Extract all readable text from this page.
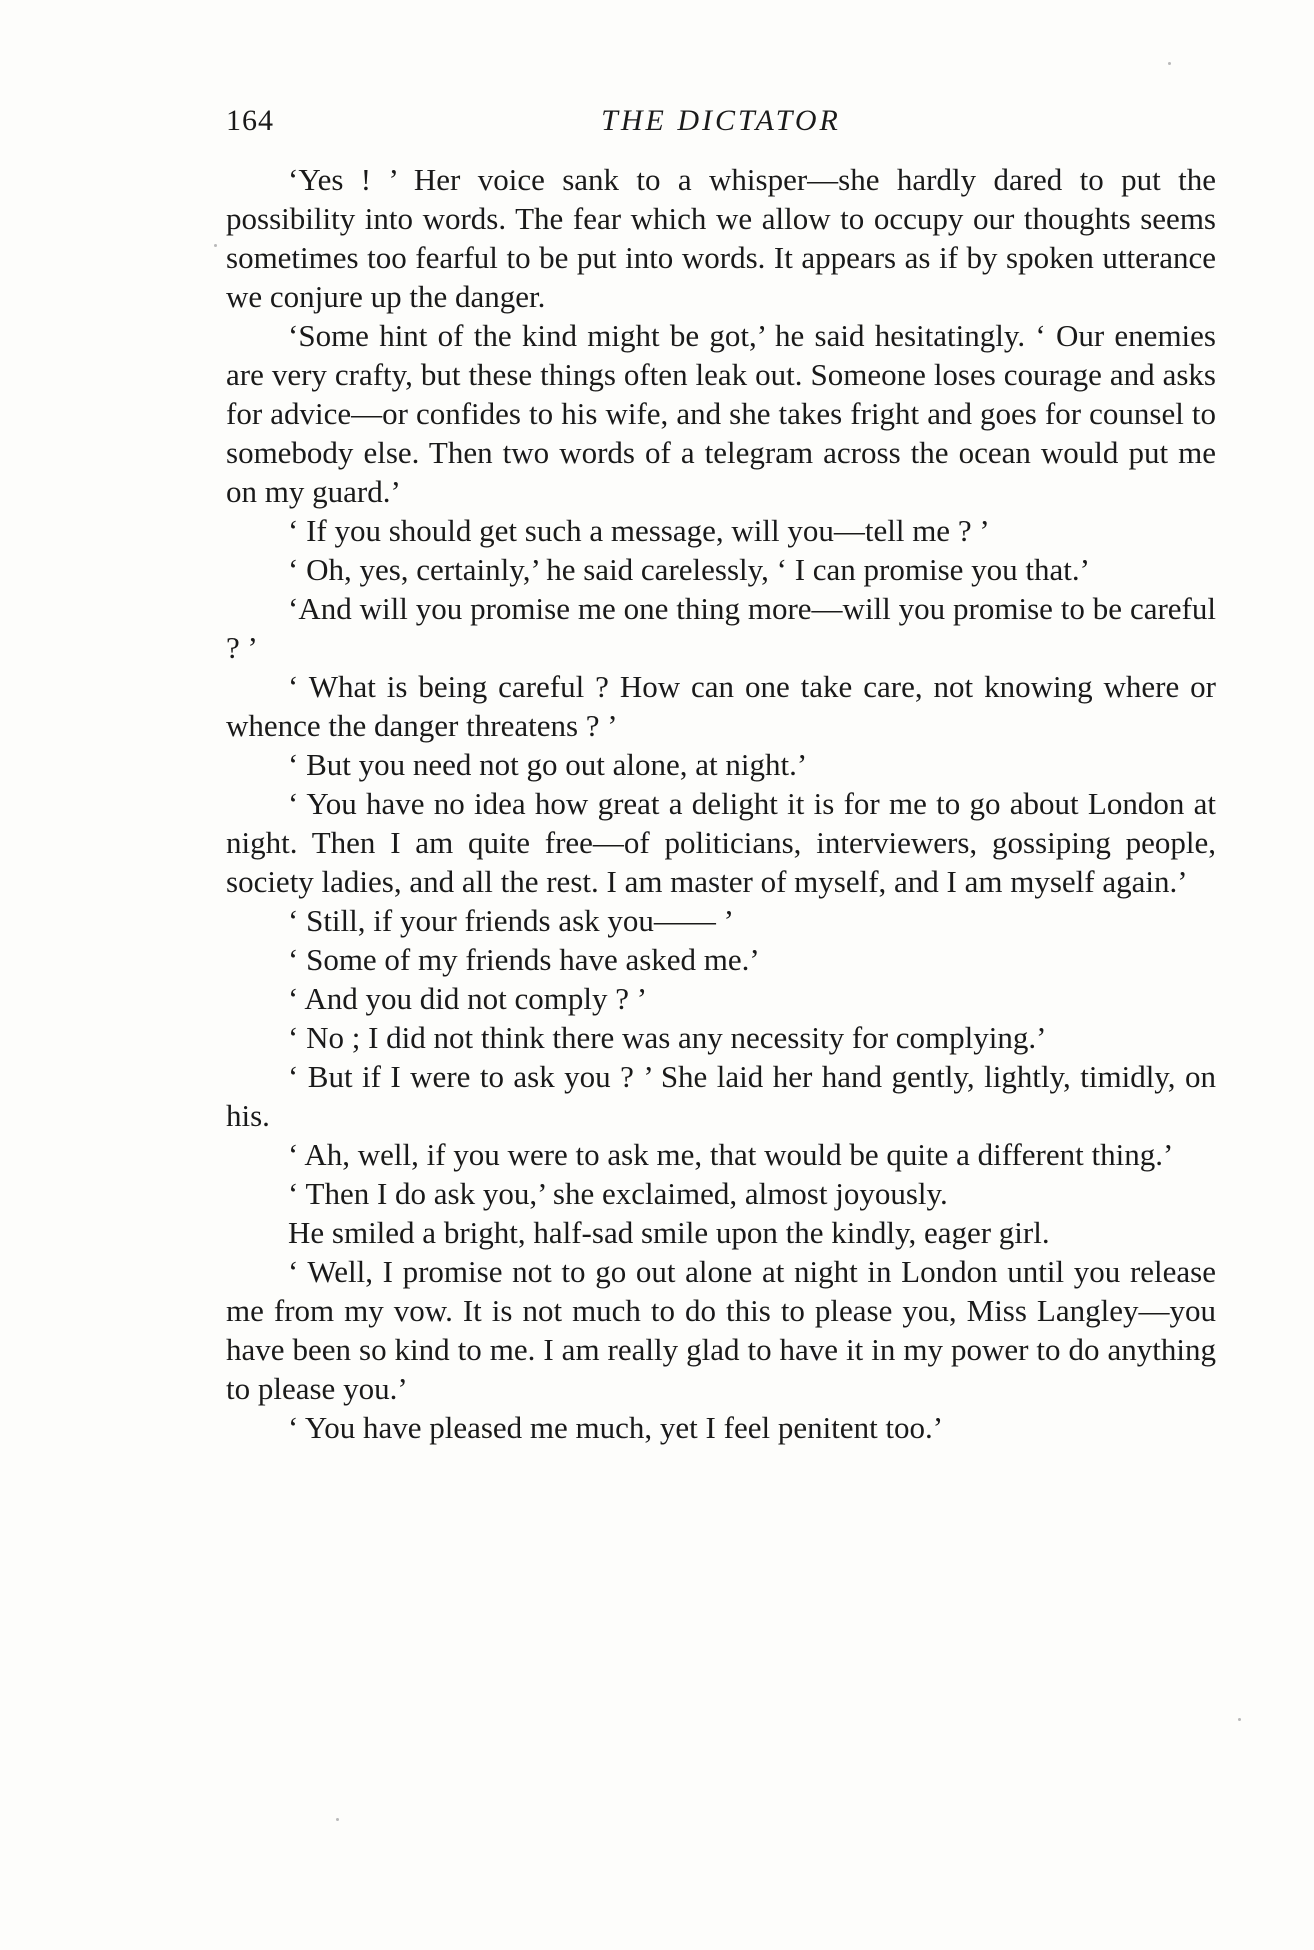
164	THE DICTATOR

‘Yes ! ’ Her voice sank to a whisper—she hardly dared to put the possibility into words. The fear which we allow to occupy our thoughts seems sometimes too fearful to be put into words. It appears as if by spoken utterance we conjure up the danger.

‘Some hint of the kind might be got,’ he said hesitatingly. ‘ Our enemies are very crafty, but these things often leak out. Someone loses courage and asks for advice—or confides to his wife, and she takes fright and goes for counsel to somebody else. Then two words of a telegram across the ocean would put me on my guard.’

‘ If you should get such a message, will you—tell me ? ’

‘ Oh, yes, certainly,’ he said carelessly, ‘ I can promise you that.’

‘And will you promise me one thing more—will you promise to be careful ? ’

‘ What is being careful ? How can one take care, not knowing where or whence the danger threatens ? ’

‘ But you need not go out alone, at night.’

‘ You have no idea how great a delight it is for me to go about London at night. Then I am quite free—of politicians, interviewers, gossiping people, society ladies, and all the rest. I am master of myself, and I am myself again.’

‘ Still, if your friends ask you—— ’

‘ Some of my friends have asked me.’

‘ And you did not comply ? ’

‘ No ; I did not think there was any necessity for complying.’

‘ But if I were to ask you ? ’ She laid her hand gently, lightly, timidly, on his.

‘ Ah, well, if you were to ask me, that would be quite a different thing.’

‘ Then I do ask you,’ she exclaimed, almost joyously.

He smiled a bright, half-sad smile upon the kindly, eager girl.

‘ Well, I promise not to go out alone at night in London until you release me from my vow. It is not much to do this to please you, Miss Langley—you have been so kind to me. I am really glad to have it in my power to do anything to please you.’

‘ You have pleased me much, yet I feel penitent too.’
